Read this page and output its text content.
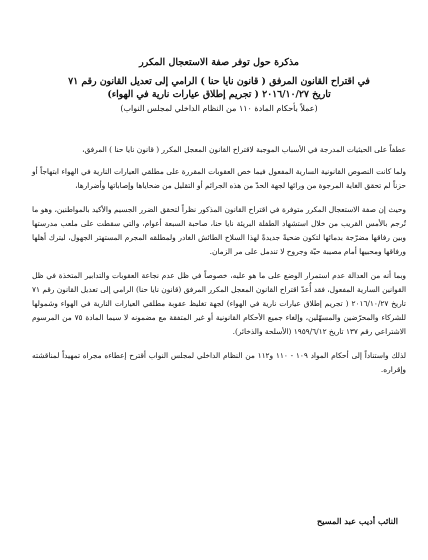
مذكرة حول توفر صفة الاستعجال المكرر
في اقتراح القانون المرفق ( قانون نايا حنا ) الرامي إلى تعديل القانون رقم ٧١
تاريخ ٢٠١٦/١٠/٢٧ ( تجريم إطلاق عيارات نارية في الهواء)
(عملاً بأحكام المادة ١١٠ من النظام الداخلي لمجلس النواب)

عطفاً على الحيثيات المدرجة في الأسباب الموجبة لاقتراح القانون المعجل المكرر ( قانون نايا حنا ) المرفق،

ولما كانت النصوص القانونية السارية المفعول فيما خص العقوبات المقررة على مطلقي العيارات النارية في الهواء ابتهاجاً أو حزناً لم تحقق الغاية المرجوة من ورائها لجهة الحدّ من هذه الجرائم أو التقليل من ضحاياها وإصاباتها وأضرارها،

وحيث إن صفة الاستعجال المكرر متوفرة في اقتراح القانون المذكور نظراً لتحقق الضرر الجسيم والأكيد بالمواطنين، وهو ما تُرجم بالأمس القريب من خلال استشهاد الطفلة البريئة نايا حنا، صاحبة السبعة أعوام، والتي سقطت على ملعب مدرستها وبين رفاقها مضرّجة بدمائها لتكون ضحيةً جديدةً لهذا السلاح الطائش الغادر ولمطلقه المجرم المستهتر الجهول، ليترك أهلها ورفاقها ومحبيها أمام مصيبة حيّة وجروح لا تندمل على مر الزمان.

وبما أنه من العدالة عدم استمرار الوضع على ما هو عليه، خصوصاً في ظل عدم نجاعة العقوبات والتدابير المتخذة في ظل القوانين السارية المفعول، فقد أُعدّ اقتراح القانون المعجل المكرر المرفق (قانون نايا حنا) الرامي إلى تعديل القانون رقم ٧١ تاريخ ٢٠١٦/١٠/٢٧ ( تجريم إطلاق عيارات نارية في الهواء) لجهة تغليظ عقوبة مطلقي العيارات النارية في الهواء وشمولها للشركاء والمحرّضين والمسهّلين، وإلغاء جميع الأحكام القانونية أو غير المتفقة مع مضمونه لا سيما المادة ٧٥ من المرسوم الاشتراعي رقم ١٣٧ تاريخ ١٩٥٩/٦/١٢ (الأسلحة والذخائر).

لذلك واستناداً إلى أحكام المواد ١٠٩ - ١١٠ و١١٢ من النظام الداخلي لمجلس النواب أقترح إعطاءه مجراه تمهيداً لمناقشته وإقراره.

النائب أديب عبد المسيح
